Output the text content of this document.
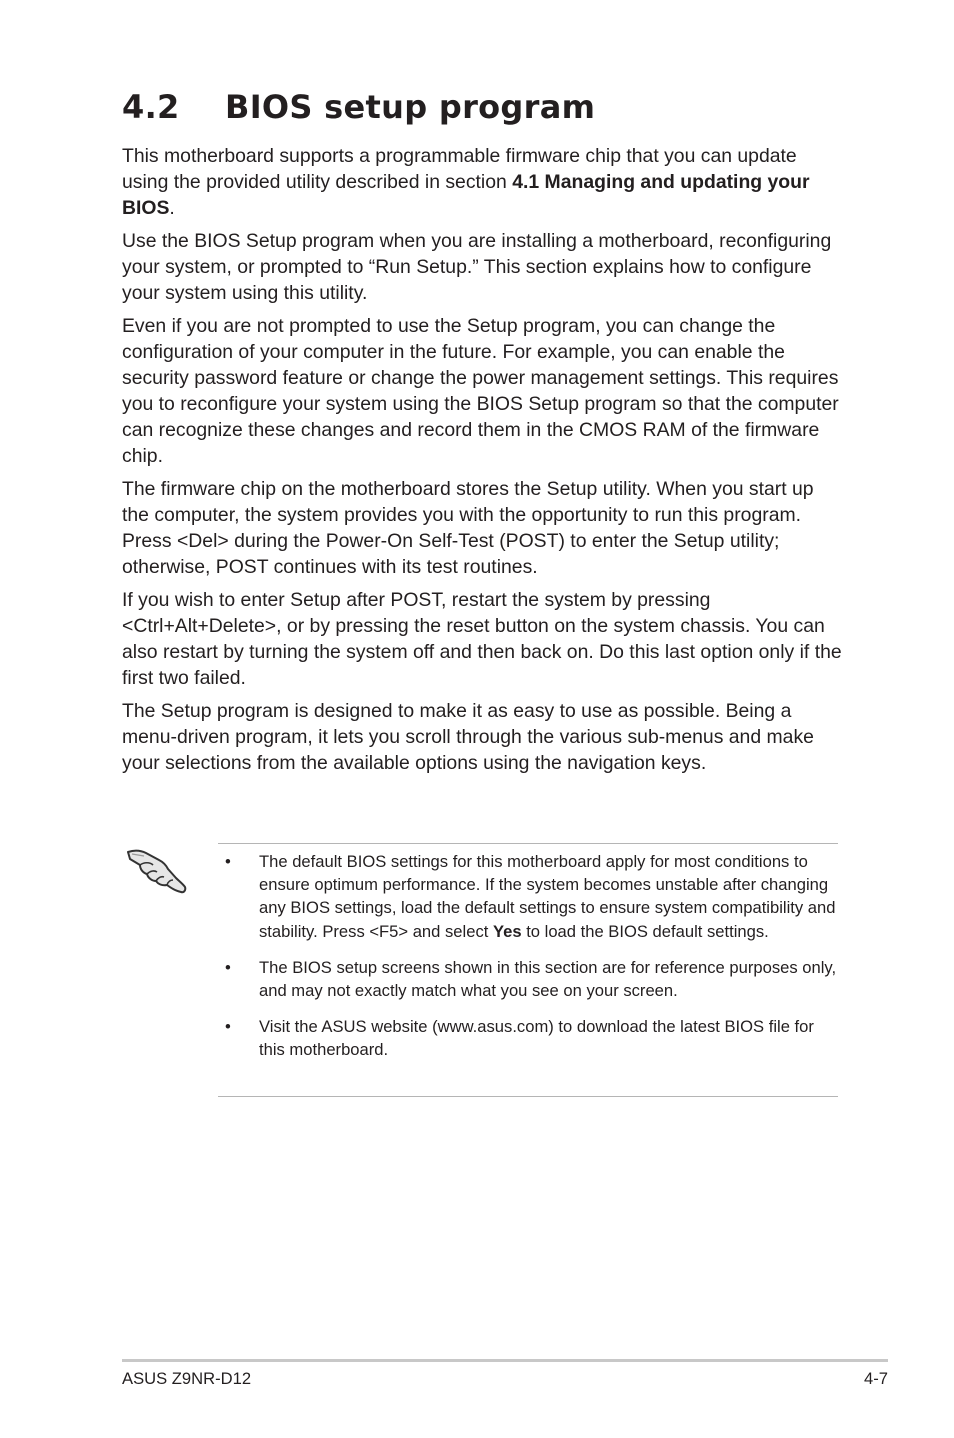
4.2 BIOS setup program

This motherboard supports a programmable firmware chip that you can update using the provided utility described in section 4.1 Managing and updating your BIOS.

Use the BIOS Setup program when you are installing a motherboard, reconfiguring your system, or prompted to “Run Setup.” This section explains how to configure your system using this utility.

Even if you are not prompted to use the Setup program, you can change the configuration of your computer in the future. For example, you can enable the security password feature or change the power management settings. This requires you to reconfigure your system using the BIOS Setup program so that the computer can recognize these changes and record them in the CMOS RAM of the firmware chip.

The firmware chip on the motherboard stores the Setup utility. When you start up the computer, the system provides you with the opportunity to run this program. Press <Del> during the Power-On Self-Test (POST) to enter the Setup utility; otherwise, POST continues with its test routines.

If you wish to enter Setup after POST, restart the system by pressing <Ctrl+Alt+Delete>, or by pressing the reset button on the system chassis. You can also restart by turning the system off and then back on. Do this last option only if the first two failed.

The Setup program is designed to make it as easy to use as possible. Being a menu-driven program, it lets you scroll through the various sub-menus and make your selections from the available options using the navigation keys.

• The default BIOS settings for this motherboard apply for most conditions to ensure optimum performance. If the system becomes unstable after changing any BIOS settings, load the default settings to ensure system compatibility and stability. Press <F5> and select Yes to load the BIOS default settings.
• The BIOS setup screens shown in this section are for reference purposes only, and may not exactly match what you see on your screen.
• Visit the ASUS website (www.asus.com) to download the latest BIOS file for this motherboard.
ASUS Z9NR-D12	4-7
